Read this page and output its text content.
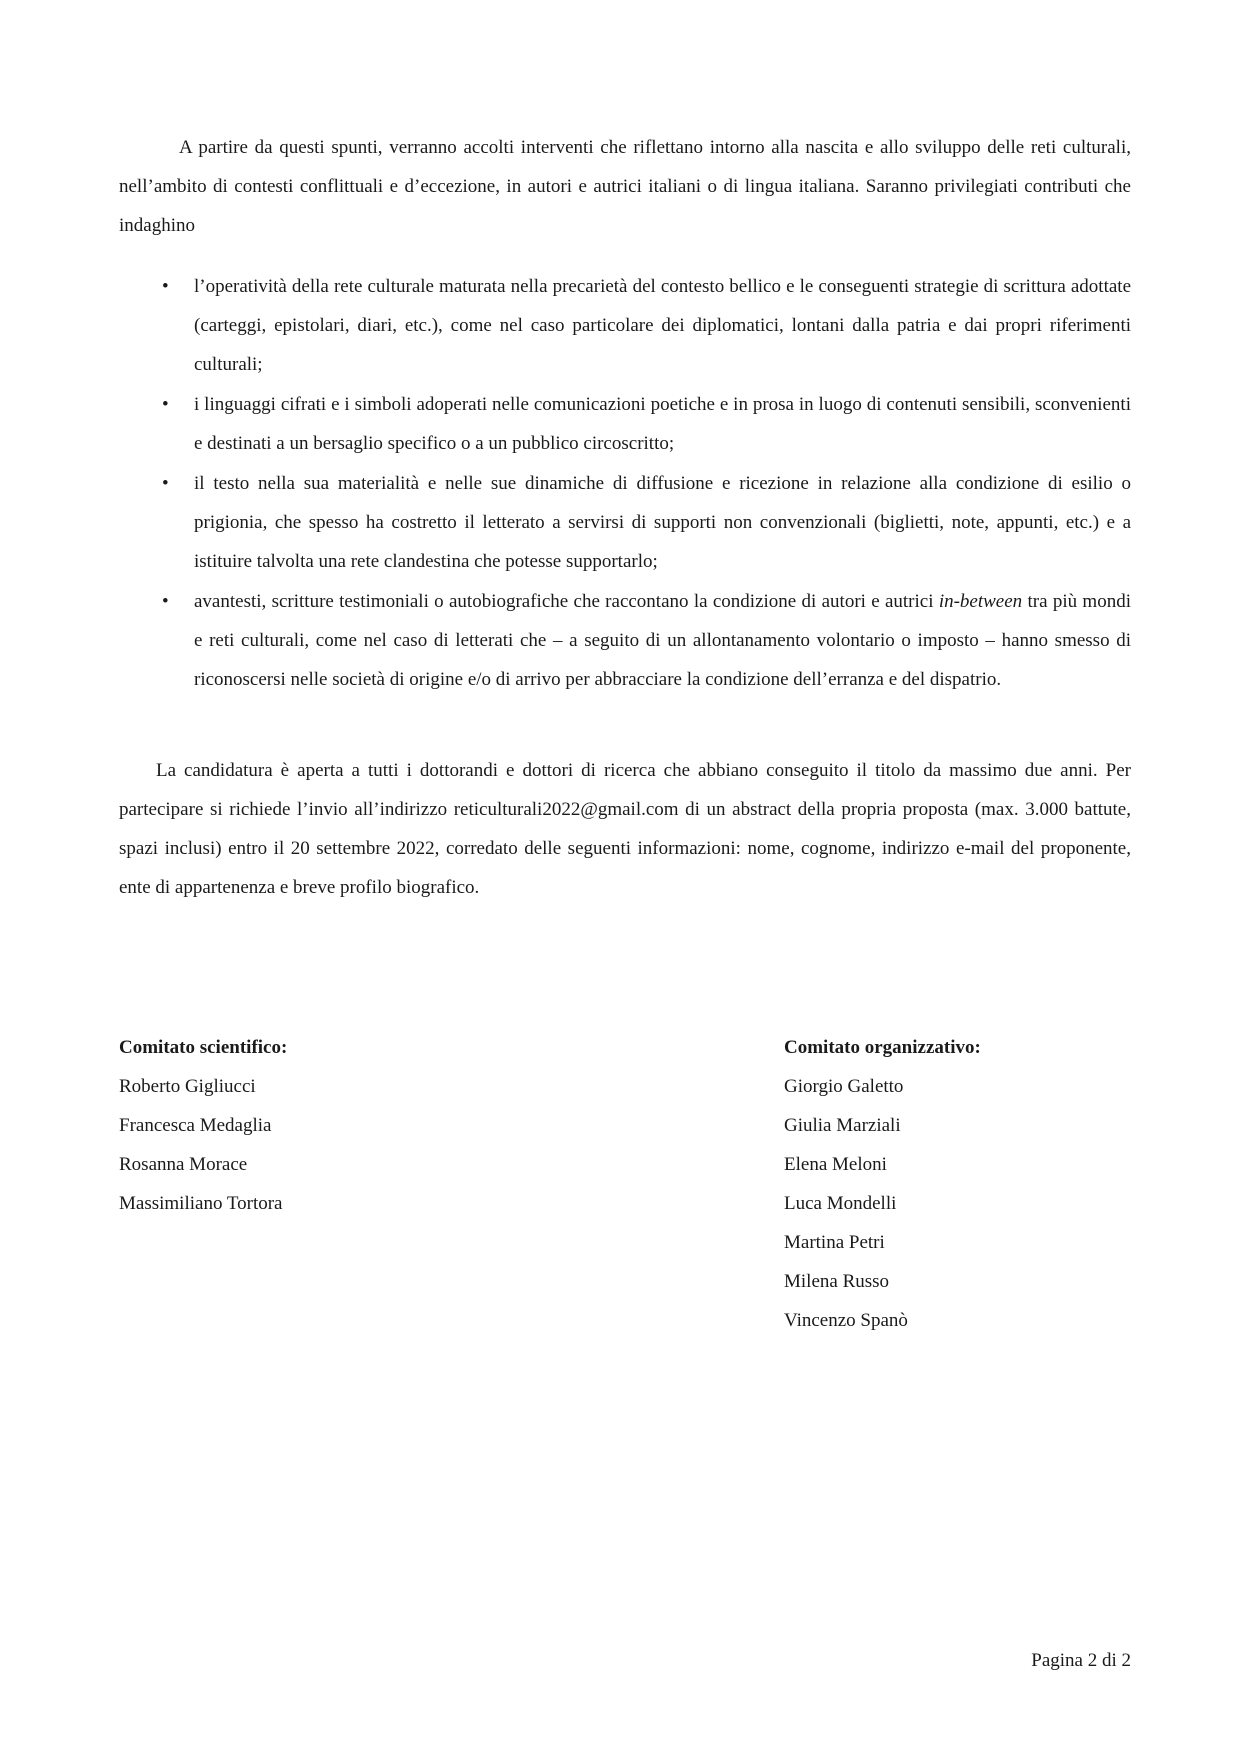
A partire da questi spunti, verranno accolti interventi che riflettano intorno alla nascita e allo sviluppo delle reti culturali, nell’ambito di contesti conflittuali e d’eccezione, in autori e autrici italiani o di lingua italiana. Saranno privilegiati contributi che indaghino

• l’operatività della rete culturale maturata nella precarietà del contesto bellico e le conseguenti strategie di scrittura adottate (carteggi, epistolari, diari, etc.), come nel caso particolare dei diplomatici, lontani dalla patria e dai propri riferimenti culturali;
• i linguaggi cifrati e i simboli adoperati nelle comunicazioni poetiche e in prosa in luogo di contenuti sensibili, sconvenienti e destinati a un bersaglio specifico o a un pubblico circoscritto;
• il testo nella sua materialità e nelle sue dinamiche di diffusione e ricezione in relazione alla condizione di esilio o prigionia, che spesso ha costretto il letterato a servirsi di supporti non convenzionali (biglietti, note, appunti, etc.) e a istituire talvolta una rete clandestina che potesse supportarlo;
• avantesti, scritture testimoniali o autobiografiche che raccontano la condizione di autori e autrici in-between tra più mondi e reti culturali, come nel caso di letterati che – a seguito di un allontanamento volontario o imposto – hanno smesso di riconoscersi nelle società di origine e/o di arrivo per abbracciare la condizione dell’erranza e del dispatrio.

La candidatura è aperta a tutti i dottorandi e dottori di ricerca che abbiano conseguito il titolo da massimo due anni. Per partecipare si richiede l’invio all’indirizzo reticulturali2022@gmail.com di un abstract della propria proposta (max. 3.000 battute, spazi inclusi) entro il 20 settembre 2022, corredato delle seguenti informazioni: nome, cognome, indirizzo e-mail del proponente, ente di appartenenza e breve profilo biografico.

Comitato scientifico:
Roberto Gigliucci
Francesca Medaglia
Rosanna Morace
Massimiliano Tortora
Comitato organizzativo:
Giorgio Galetto
Giulia Marziali
Elena Meloni
Luca Mondelli
Martina Petri
Milena Russo
Vincenzo Spanò
Pagina 2 di 2
